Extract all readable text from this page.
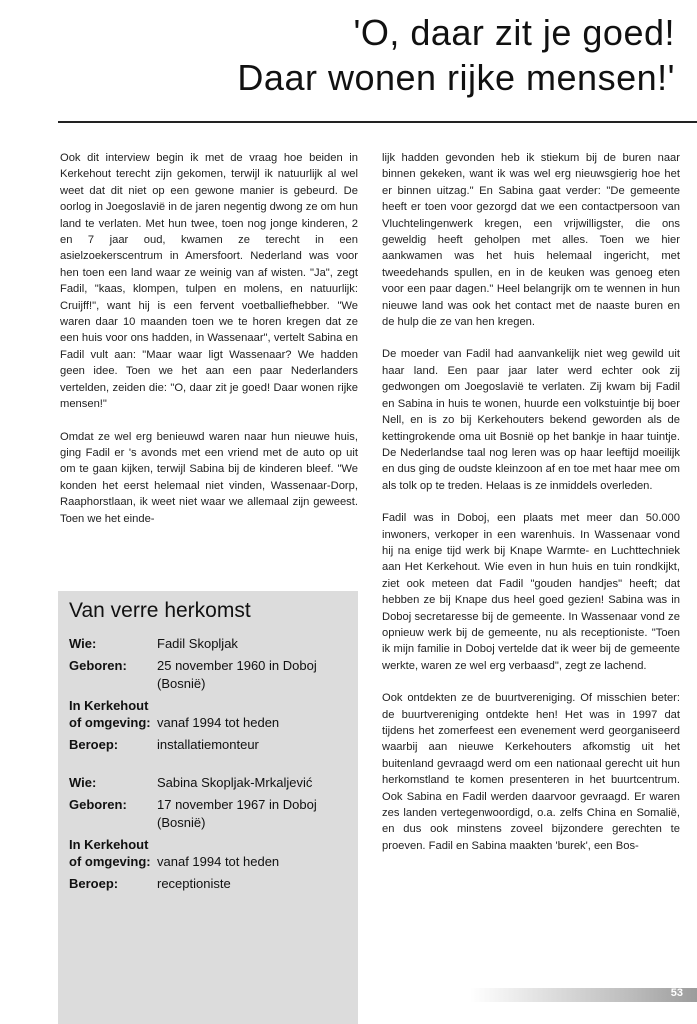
'O, daar zit je goed!
Daar wonen rijke mensen!'

Ook dit interview begin ik met de vraag hoe beiden in Kerkehout terecht zijn gekomen, terwijl ik natuurlijk al wel weet dat dit niet op een gewone manier is gebeurd. De oorlog in Joegoslavië in de jaren negentig dwong ze om hun land te verlaten. Met hun twee, toen nog jonge kinderen, 2 en 7 jaar oud, kwamen ze terecht in een asielzoekerscentrum in Amersfoort. Nederland was voor hen toen een land waar ze weinig van af wisten. "Ja", zegt Fadil, "kaas, klompen, tulpen en molens, en natuurlijk: Cruijff!", want hij is een fervent voetballiefhebber. "We waren daar 10 maanden toen we te horen kregen dat ze een huis voor ons hadden, in Wassenaar", vertelt Sabina en Fadil vult aan: "Maar waar ligt Wassenaar? We hadden geen idee. Toen we het aan een paar Nederlanders vertelden, zeiden die: "O, daar zit je goed! Daar wonen rijke mensen!"

Omdat ze wel erg benieuwd waren naar hun nieuwe huis, ging Fadil er 's avonds met een vriend met de auto op uit om te gaan kijken, terwijl Sabina bij de kinderen bleef. "We konden het eerst helemaal niet vinden, Wassenaar-Dorp, Raaphorstlaan, ik weet niet waar we allemaal zijn geweest. Toen we het einde-

lijk hadden gevonden heb ik stiekum bij de buren naar binnen gekeken, want ik was wel erg nieuwsgierig hoe het er binnen uitzag." En Sabina gaat verder: "De gemeente heeft er toen voor gezorgd dat we een contactpersoon van Vluchtelingenwerk kregen, een vrijwilligster, die ons geweldig heeft geholpen met alles. Toen we hier aankwamen was het huis helemaal ingericht, met tweedehands spullen, en in de keuken was genoeg eten voor een paar dagen." Heel belangrijk om te wennen in hun nieuwe land was ook het contact met de naaste buren en de hulp die ze van hen kregen.

De moeder van Fadil had aanvankelijk niet weg gewild uit haar land. Een paar jaar later werd echter ook zij gedwongen om Joegoslavië te verlaten. Zij kwam bij Fadil en Sabina in huis te wonen, huurde een volkstuintje bij boer Nell, en is zo bij Kerkehouters bekend geworden als de kettingrokende oma uit Bosnië op het bankje in haar tuintje. De Nederlandse taal nog leren was op haar leeftijd moeilijk en dus ging de oudste kleinzoon af en toe met haar mee om als tolk op te treden. Helaas is ze inmiddels overleden.

Fadil was in Doboj, een plaats met meer dan 50.000 inwoners, verkoper in een warenhuis. In Wassenaar vond hij na enige tijd werk bij Knape Warmte- en Luchttechniek aan Het Kerkehout. Wie even in hun huis en tuin rondkijkt, ziet ook meteen dat Fadil "gouden handjes" heeft; dat hebben ze bij Knape dus heel goed gezien! Sabina was in Doboj secretaresse bij de gemeente. In Wassenaar vond ze opnieuw werk bij de gemeente, nu als receptioniste. "Toen ik mijn familie in Doboj vertelde dat ik weer bij de gemeente werkte, waren ze wel erg verbaasd", zegt ze lachend.

Ook ontdekten ze de buurtvereniging. Of misschien beter: de buurtvereniging ontdekte hen! Het was in 1997 dat tijdens het zomerfeest een evenement werd georganiseerd waarbij aan nieuwe Kerkehouters afkomstig uit het buitenland gevraagd werd om een nationaal gerecht uit hun herkomstland te komen presenteren in het buurtcentrum. Ook Sabina en Fadil werden daarvoor gevraagd. Er waren zes landen vertegenwoordigd, o.a. zelfs China en Somalië, en dus ook minstens zoveel bijzondere gerechten te proeven. Fadil en Sabina maakten 'burek', een Bos-

Van verre herkomst
Wie:	Fadil Skopljak
Geboren:	25 november 1960 in Doboj
(Bosnië)
In Kerkehout
of omgeving: vanaf 1994 tot heden
Beroep:	installatiemonteur
Wie:	Sabina Skopljak-Mrkaljević
Geboren:	17 november 1967 in Doboj
(Bosnië)
In Kerkehout
of omgeving: vanaf 1994 tot heden
Beroep:	receptioniste
53
